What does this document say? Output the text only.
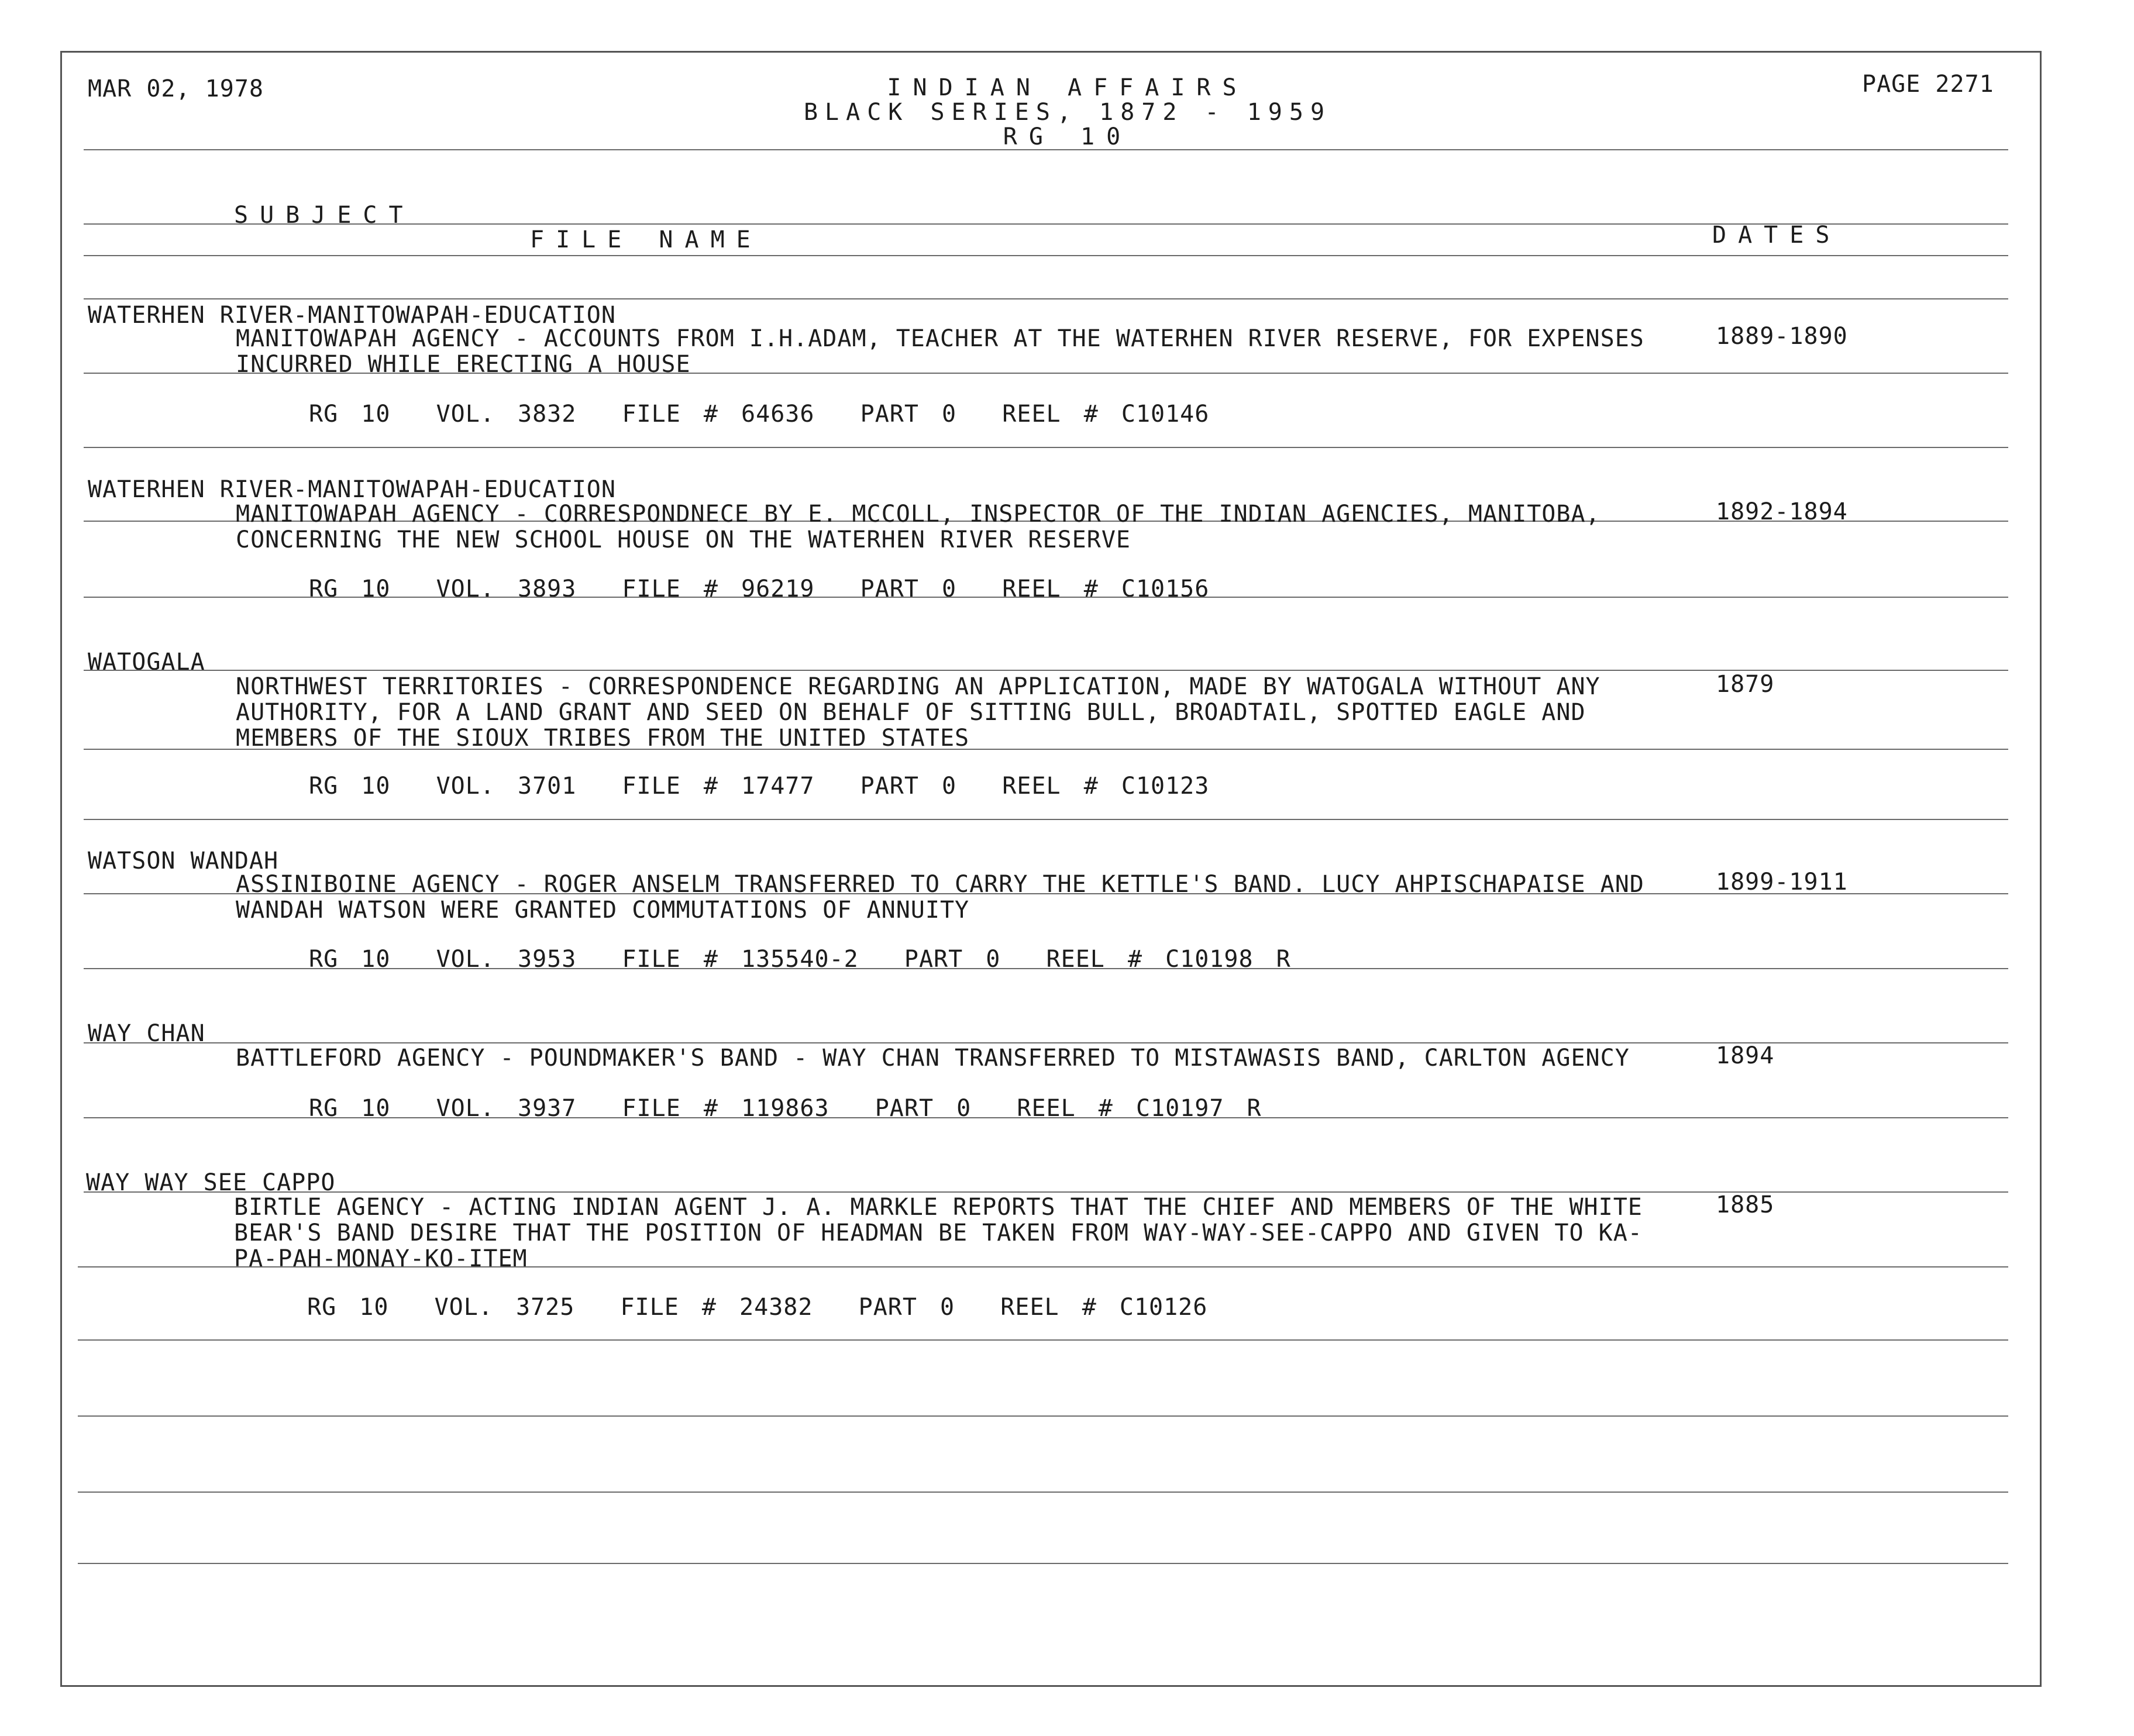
MAR 02, 1978	INDIAN AFFAIRS
BLACK SERIES, 1872 - 1959
RG 10
PAGE 2271
SUBJECT
FILE NAME	DATES
WATERHEN RIVER-MANITOWAPAH-EDUCATION
MANITOWAPAH AGENCY - ACCOUNTS FROM I.H.ADAM, TEACHER AT THE WATERHEN RIVER RESERVE, FOR EXPENSES INCURRED WHILE ERECTING A HOUSE
1889-1890
RG 10  VOL. 3832  FILE # 64636  PART 0  REEL # C10146
WATERHEN RIVER-MANITOWAPAH-EDUCATION
MANITOWAPAH AGENCY - CORRESPONDNECE BY E. MCCOLL, INSPECTOR OF THE INDIAN AGENCIES, MANITOBA, CONCERNING THE NEW SCHOOL HOUSE ON THE WATERHEN RIVER RESERVE
1892-1894
RG 10  VOL. 3893  FILE # 96219  PART 0  REEL # C10156
WATOGALA
NORTHWEST TERRITORIES - CORRESPONDENCE REGARDING AN APPLICATION, MADE BY WATOGALA WITHOUT ANY AUTHORITY, FOR A LAND GRANT AND SEED ON BEHALF OF SITTING BULL, BROADTAIL, SPOTTED EAGLE AND MEMBERS OF THE SIOUX TRIBES FROM THE UNITED STATES
1879
RG 10  VOL. 3701  FILE # 17477  PART 0  REEL # C10123
WATSON WANDAH
ASSINIBOINE AGENCY - ROGER ANSELM TRANSFERRED TO CARRY THE KETTLE'S BAND. LUCY AHPISCHAPAISE AND WANDAH WATSON WERE GRANTED COMMUTATIONS OF ANNUITY
1899-1911
RG 10  VOL. 3953  FILE # 135540-2  PART 0  REEL # C10198 R
WAY CHAN
BATTLEFORD AGENCY - POUNDMAKER'S BAND - WAY CHAN TRANSFERRED TO MISTAWASIS BAND, CARLTON AGENCY	1894
RG 10  VOL. 3937  FILE # 119863  PART 0  REEL # C10197 R
WAY WAY SEE CAPPO
BIRTLE AGENCY - ACTING INDIAN AGENT J. A. MARKLE REPORTS THAT THE CHIEF AND MEMBERS OF THE WHITE BEAR'S BAND DESIRE THAT THE POSITION OF HEADMAN BE TAKEN FROM WAY-WAY-SEE-CAPPO AND GIVEN TO KA-PA-PAH-MONAY-KO-ITEM
1885
RG 10  VOL. 3725  FILE # 24382  PART 0  REEL # C10126
